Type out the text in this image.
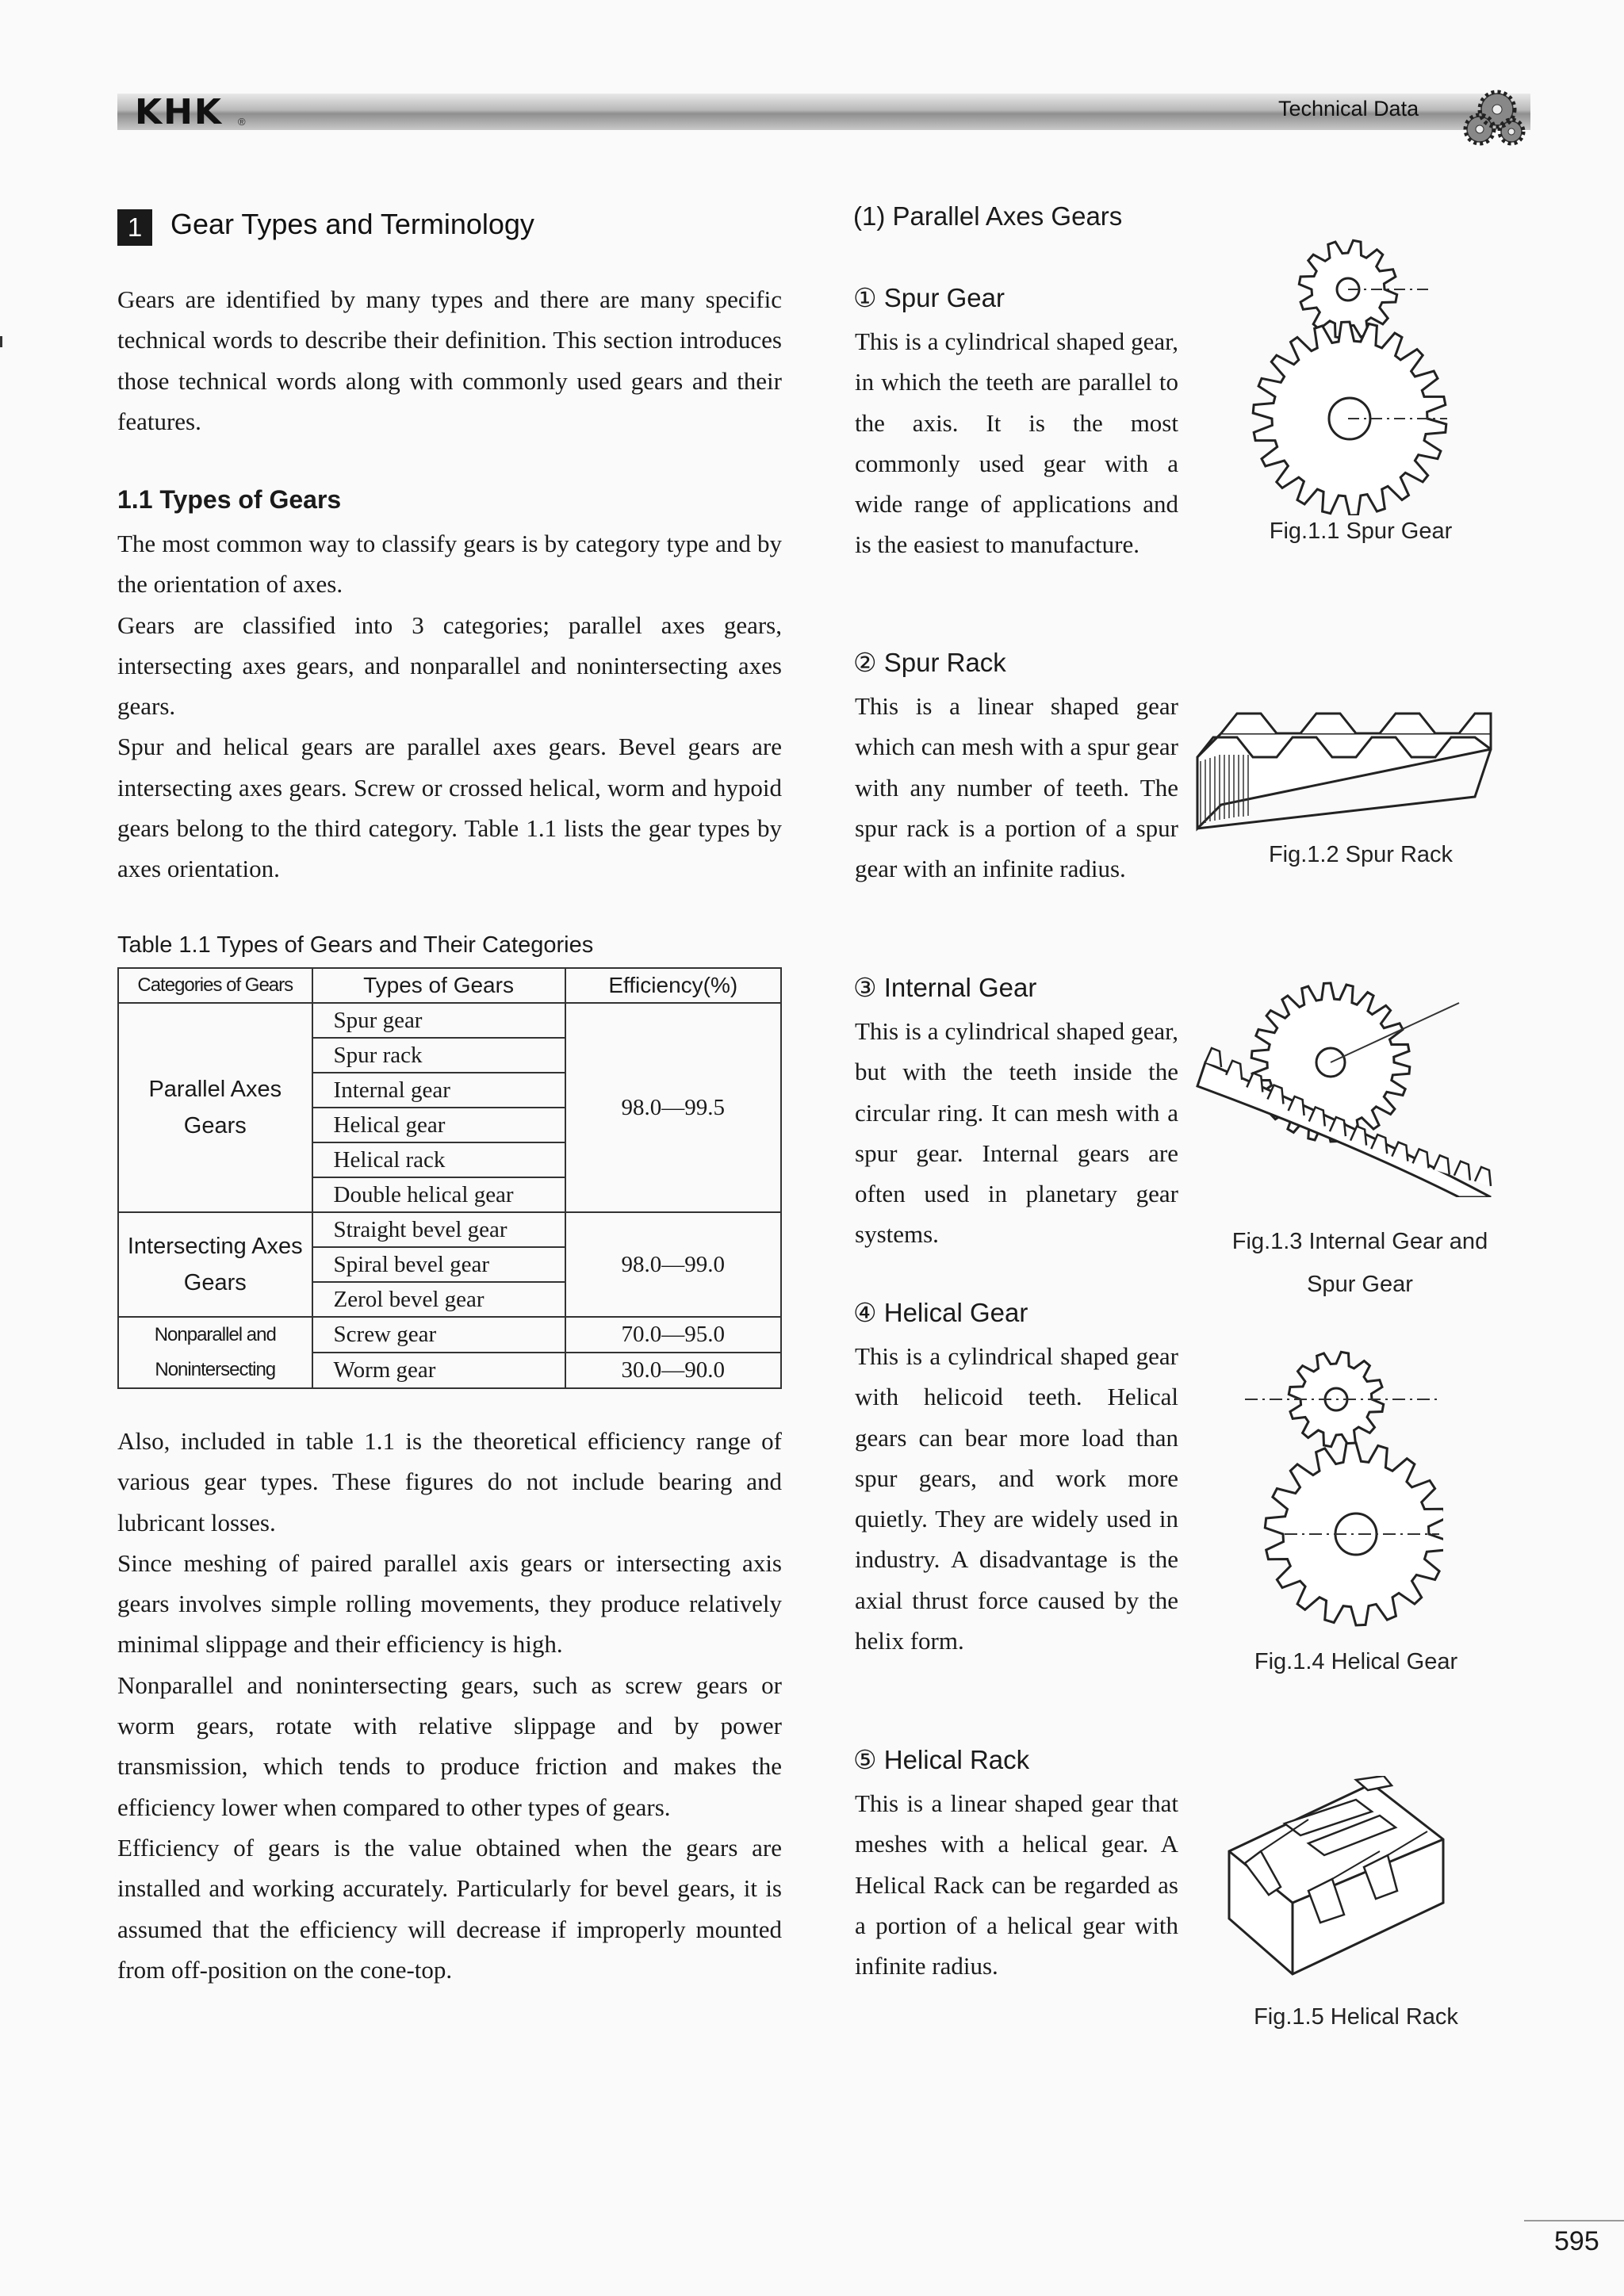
KHK ®
Technical Data
1 Gear Types and Terminology

Gears are identified by many types and there are many specific technical words to describe their definition. This section introduces those technical words along with commonly used gears and their features.

1.1 Types of Gears

The most common way to classify gears is by category type and by the orientation of axes.

Gears are classified into 3 categories; parallel axes gears, intersecting axes gears, and nonparallel and nonintersecting axes gears.

Spur and helical gears are parallel axes gears. Bevel gears are intersecting axes gears. Screw or crossed helical, worm and hypoid gears belong to the third category. Table 1.1 lists the gear types by axes orientation.

Table 1.1 Types of Gears and Their Categories
Categories of Gears	Types of Gears	Efficiency(%)
Parallel Axes
Gears	Spur gear	98.0―99.5
	Spur rack	
	Internal gear	
	Helical gear	
	Helical rack	
	Double helical gear	
Intersecting Axes
Gears	Straight bevel gear	98.0―99.0
	Spiral bevel gear	
	Zerol bevel gear	
Nonparallel and
Nonintersecting	Screw gear	70.0―95.0
	Worm gear	30.0―90.0

Also, included in table 1.1 is the theoretical efficiency range of various gear types. These figures do not include bearing and lubricant losses.

Since meshing of paired parallel axis gears or intersecting axis gears involves simple rolling movements, they produce relatively minimal slippage and their efficiency is high.

Nonparallel and nonintersecting gears, such as screw gears or worm gears, rotate with relative slippage and by power transmission, which tends to produce friction and makes the efficiency lower when compared to other types of gears.

Efficiency of gears is the value obtained when the gears are installed and working accurately. Particularly for bevel gears, it is assumed that the efficiency will decrease if improperly mounted from off-position on the cone-top.

(1) Parallel Axes Gears
① Spur Gear
This is a cylindrical shaped gear, in which the teeth are parallel to the axis. It is the most commonly used gear with a wide range of applications and is the easiest to manufacture.	Fig.1.1 Spur Gear
② Spur Rack
This is a linear shaped gear which can mesh with a spur gear with any number of teeth. The spur rack is a portion of a spur gear with an infinite radius.
Fig.1.2 Spur Rack
③ Internal Gear
This is a cylindrical shaped gear, but with the teeth inside the circular ring. It can mesh with a spur gear. Internal gears are often used in planetary gear systems.	Fig.1.3 Internal Gear and
Spur Gear
④ Helical Gear
This is a cylindrical shaped gear with helicoid teeth. Helical gears can bear more load than spur gears, and work more quietly. They are widely used in industry. A disadvantage is the axial thrust force caused by the helix form.
Fig.1.4 Helical Gear
⑤ Helical Rack
This is a linear shaped gear that meshes with a helical gear. A Helical Rack can be regarded as a portion of a helical gear with infinite radius.
Fig.1.5 Helical Rack
595
